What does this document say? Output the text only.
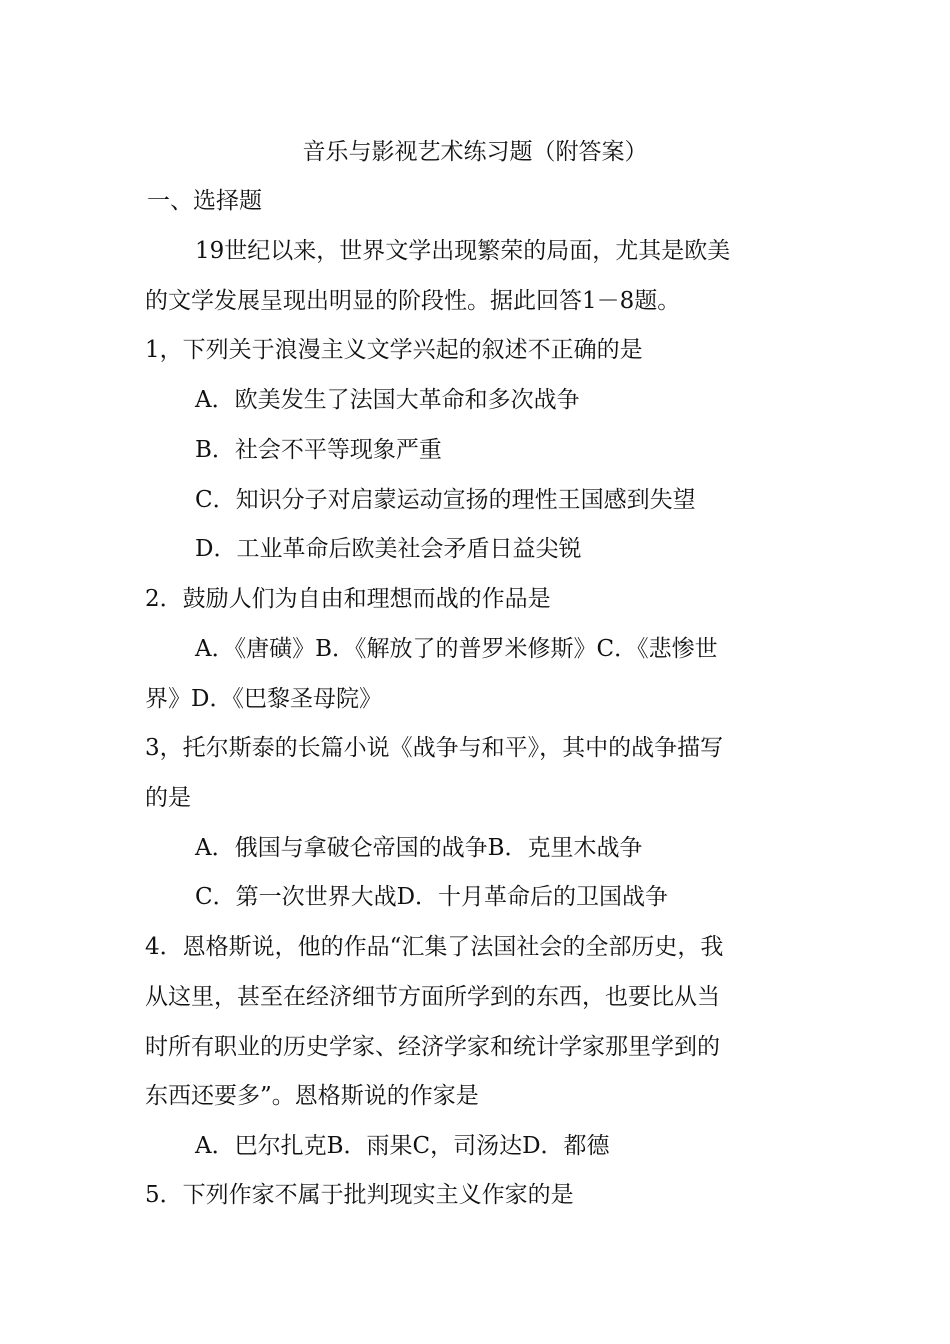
音乐与影视艺术练习题（附答案）
一、选择题
19世纪以来，世界文学出现繁荣的局面，尤其是欧美
的文学发展呈现出明显的阶段性。据此回答1－8题。
1，下列关于浪漫主义文学兴起的叙述不正确的是
A．欧美发生了法国大革命和多次战争
B．社会不平等现象严重
C．知识分子对启蒙运动宣扬的理性王国感到失望
D．工业革命后欧美社会矛盾日益尖锐
2．鼓励人们为自由和理想而战的作品是
A．《唐磺》B．《解放了的普罗米修斯》C．《悲惨世
界》D．《巴黎圣母院》
3，托尔斯泰的长篇小说《战争与和平》，其中的战争描写
的是
A．俄国与拿破仑帝国的战争B．克里木战争
C．第一次世界大战D．十月革命后的卫国战争
4．恩格斯说，他的作品“汇集了法国社会的全部历史，我
从这里，甚至在经济细节方面所学到的东西，也要比从当
时所有职业的历史学家、经济学家和统计学家那里学到的
东西还要多”。恩格斯说的作家是
A．巴尔扎克B．雨果C，司汤达D．都德
5．下列作家不属于批判现实主义作家的是
